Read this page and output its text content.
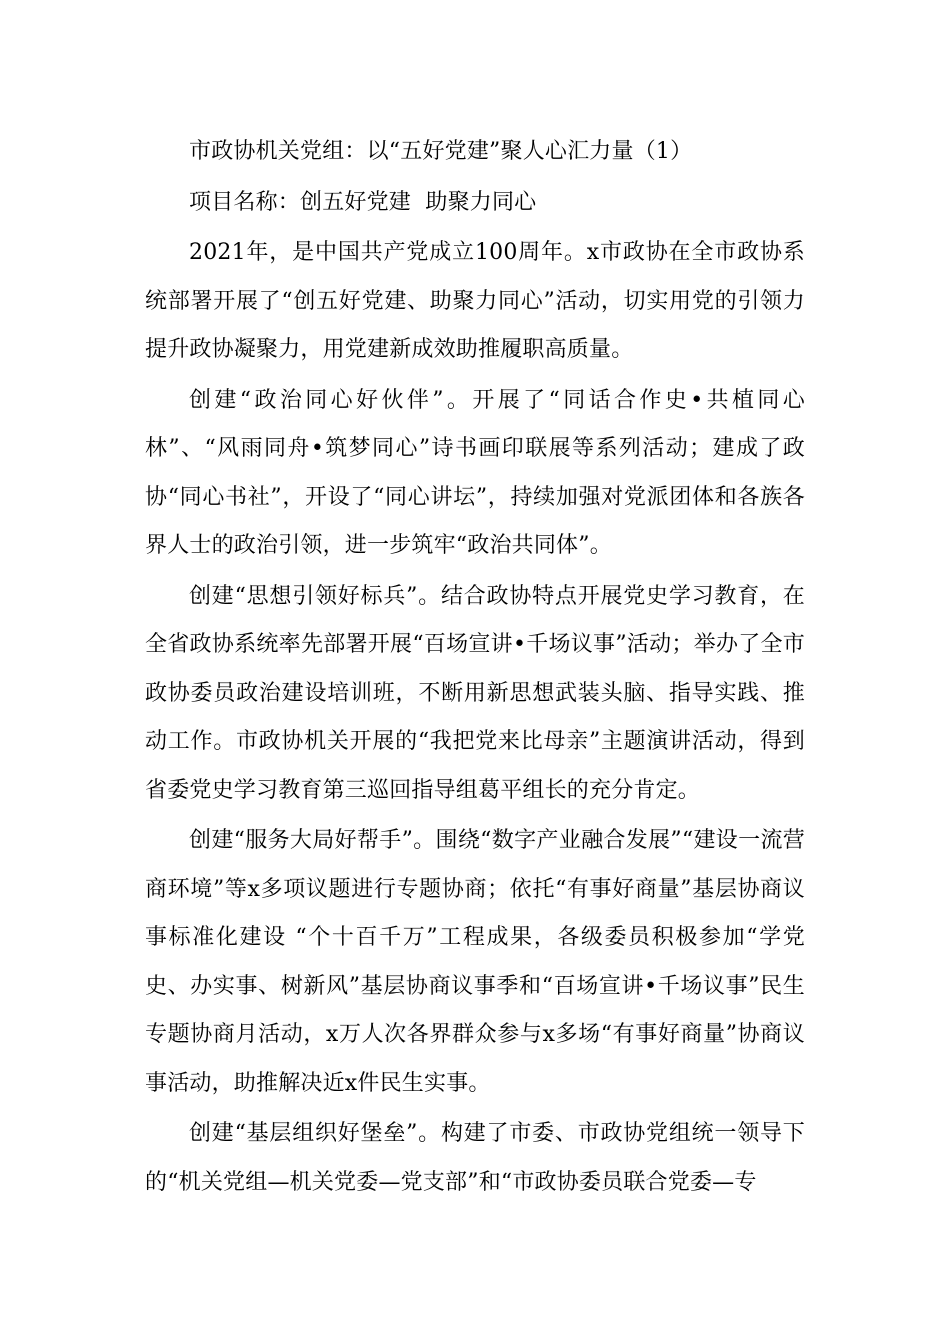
市政协机关党组：以“五好党建”聚人心汇力量（1）

项目名称：创五好党建  助聚力同心

2021年，是中国共产党成立100周年。x市政协在全市政协系统部署开展了“创五好党建、助聚力同心”活动，切实用党的引领力提升政协凝聚力，用党建新成效助推履职高质量。

创建“政治同心好伙伴”。开展了“同话合作史•共植同心林”、“风雨同舟•筑梦同心”诗书画印联展等系列活动；建成了政协“同心书社”，开设了“同心讲坛”，持续加强对党派团体和各族各界人士的政治引领，进一步筑牢“政治共同体”。

创建“思想引领好标兵”。结合政协特点开展党史学习教育，在全省政协系统率先部署开展“百场宣讲•千场议事”活动；举办了全市政协委员政治建设培训班，不断用新思想武装头脑、指导实践、推动工作。市政协机关开展的“我把党来比母亲”主题演讲活动，得到省委党史学习教育第三巡回指导组葛平组长的充分肯定。

创建“服务大局好帮手”。围绕“数字产业融合发展”“建设一流营商环境”等x多项议题进行专题协商；依托“有事好商量”基层协商议事标准化建设 “个十百千万”工程成果，各级委员积极参加“学党史、办实事、树新风”基层协商议事季和“百场宣讲•千场议事”民生专题协商月活动，x万人次各界群众参与x多场“有事好商量”协商议事活动，助推解决近x件民生实事。

创建“基层组织好堡垒”。构建了市委、市政协党组统一领导下的“机关党组—机关党委—党支部”和“市政协委员联合党委—专
